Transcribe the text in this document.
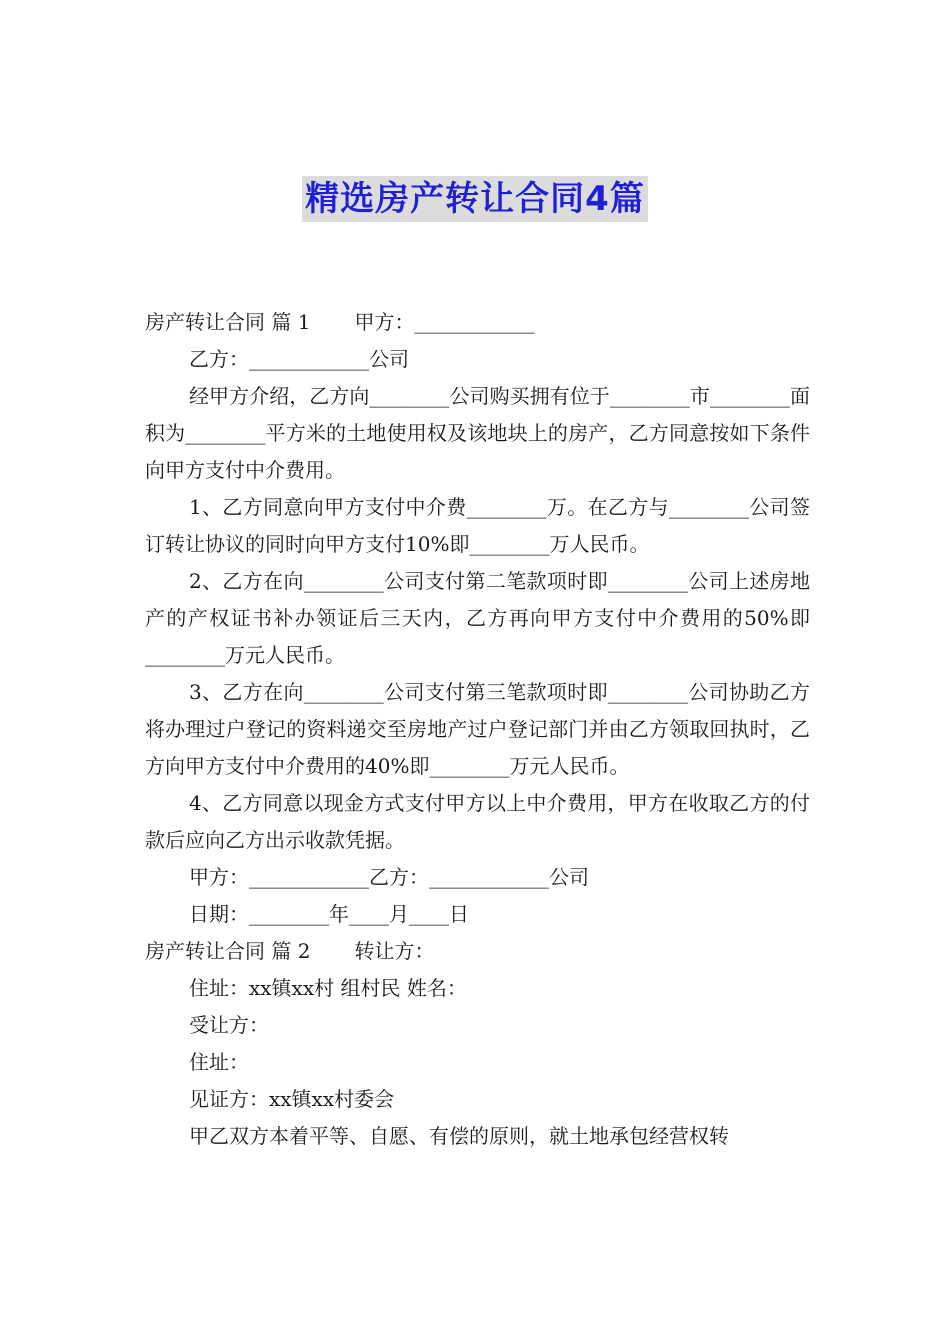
精选房产转让合同4篇

房产转让合同 篇 1 甲方：____________

乙方：____________公司

经甲方介绍，乙方向________公司购买拥有位于________市________面积为________平方米的土地使用权及该地块上的房产，乙方同意按如下条件向甲方支付中介费用。

1、乙方同意向甲方支付中介费________万。在乙方与________公司签订转让协议的同时向甲方支付10%即________万人民币。

2、乙方在向________公司支付第二笔款项时即________公司上述房地产的产权证书补办领证后三天内，乙方再向甲方支付中介费用的50%即________万元人民币。

3、乙方在向________公司支付第三笔款项时即________公司协助乙方将办理过户登记的资料递交至房地产过户登记部门并由乙方领取回执时，乙方向甲方支付中介费用的40%即________万元人民币。

4、乙方同意以现金方式支付甲方以上中介费用，甲方在收取乙方的付款后应向乙方出示收款凭据。

甲方：____________乙方：____________公司

日期：________年____月____日

房产转让合同 篇 2 转让方：

住址：xx镇xx村 组村民 姓名：

受让方：

住址：

见证方：xx镇xx村委会

甲乙双方本着平等、自愿、有偿的原则，就土地承包经营权转
